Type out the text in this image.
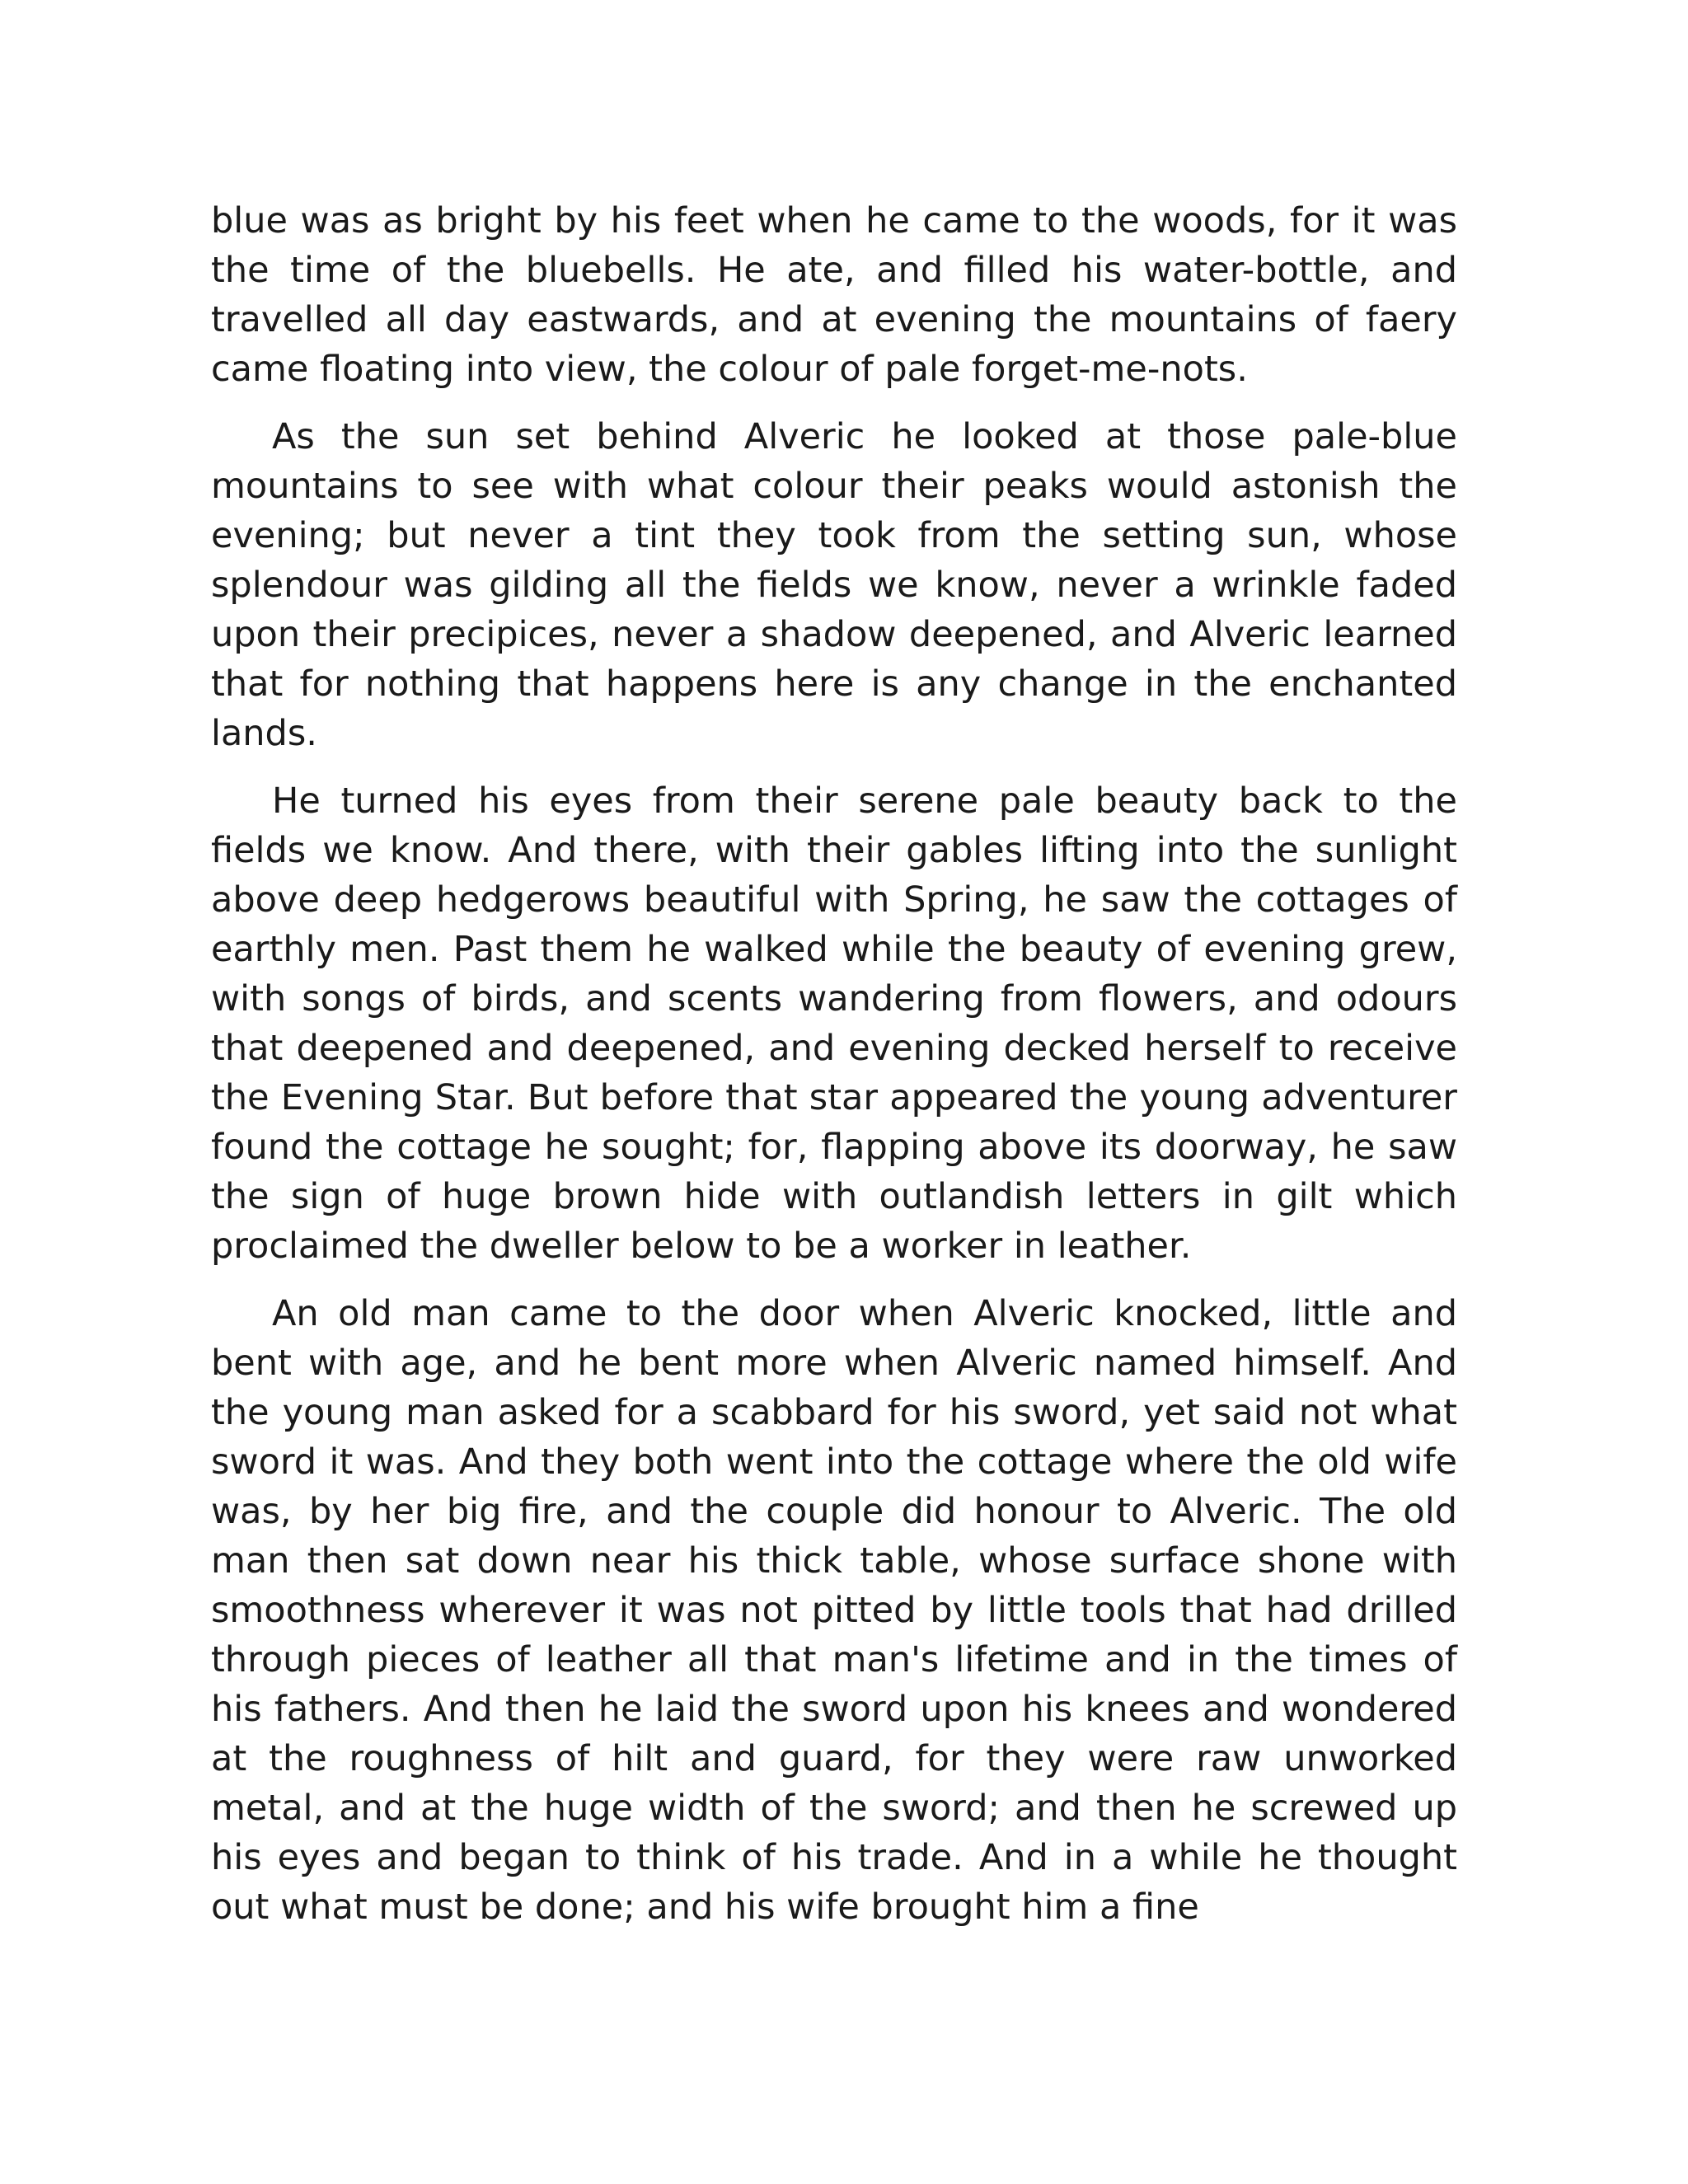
blue was as bright by his feet when he came to the woods, for it was the time of the bluebells. He ate, and filled his water-bottle, and travelled all day eastwards, and at evening the mountains of faery came floating into view, the colour of pale forget-me-nots.

As the sun set behind Alveric he looked at those pale-blue mountains to see with what colour their peaks would astonish the evening; but never a tint they took from the setting sun, whose splendour was gilding all the fields we know, never a wrinkle faded upon their precipices, never a shadow deepened, and Alveric learned that for nothing that happens here is any change in the enchanted lands.

He turned his eyes from their serene pale beauty back to the fields we know. And there, with their gables lifting into the sunlight above deep hedgerows beautiful with Spring, he saw the cottages of earthly men. Past them he walked while the beauty of evening grew, with songs of birds, and scents wandering from flowers, and odours that deepened and deepened, and evening decked herself to receive the Evening Star. But before that star appeared the young adventurer found the cottage he sought; for, flapping above its doorway, he saw the sign of huge brown hide with outlandish letters in gilt which proclaimed the dweller below to be a worker in leather.

An old man came to the door when Alveric knocked, little and bent with age, and he bent more when Alveric named himself. And the young man asked for a scabbard for his sword, yet said not what sword it was. And they both went into the cottage where the old wife was, by her big fire, and the couple did honour to Alveric. The old man then sat down near his thick table, whose surface shone with smoothness wherever it was not pitted by little tools that had drilled through pieces of leather all that man's lifetime and in the times of his fathers. And then he laid the sword upon his knees and wondered at the roughness of hilt and guard, for they were raw unworked metal, and at the huge width of the sword; and then he screwed up his eyes and began to think of his trade. And in a while he thought out what must be done; and his wife brought him a fine
